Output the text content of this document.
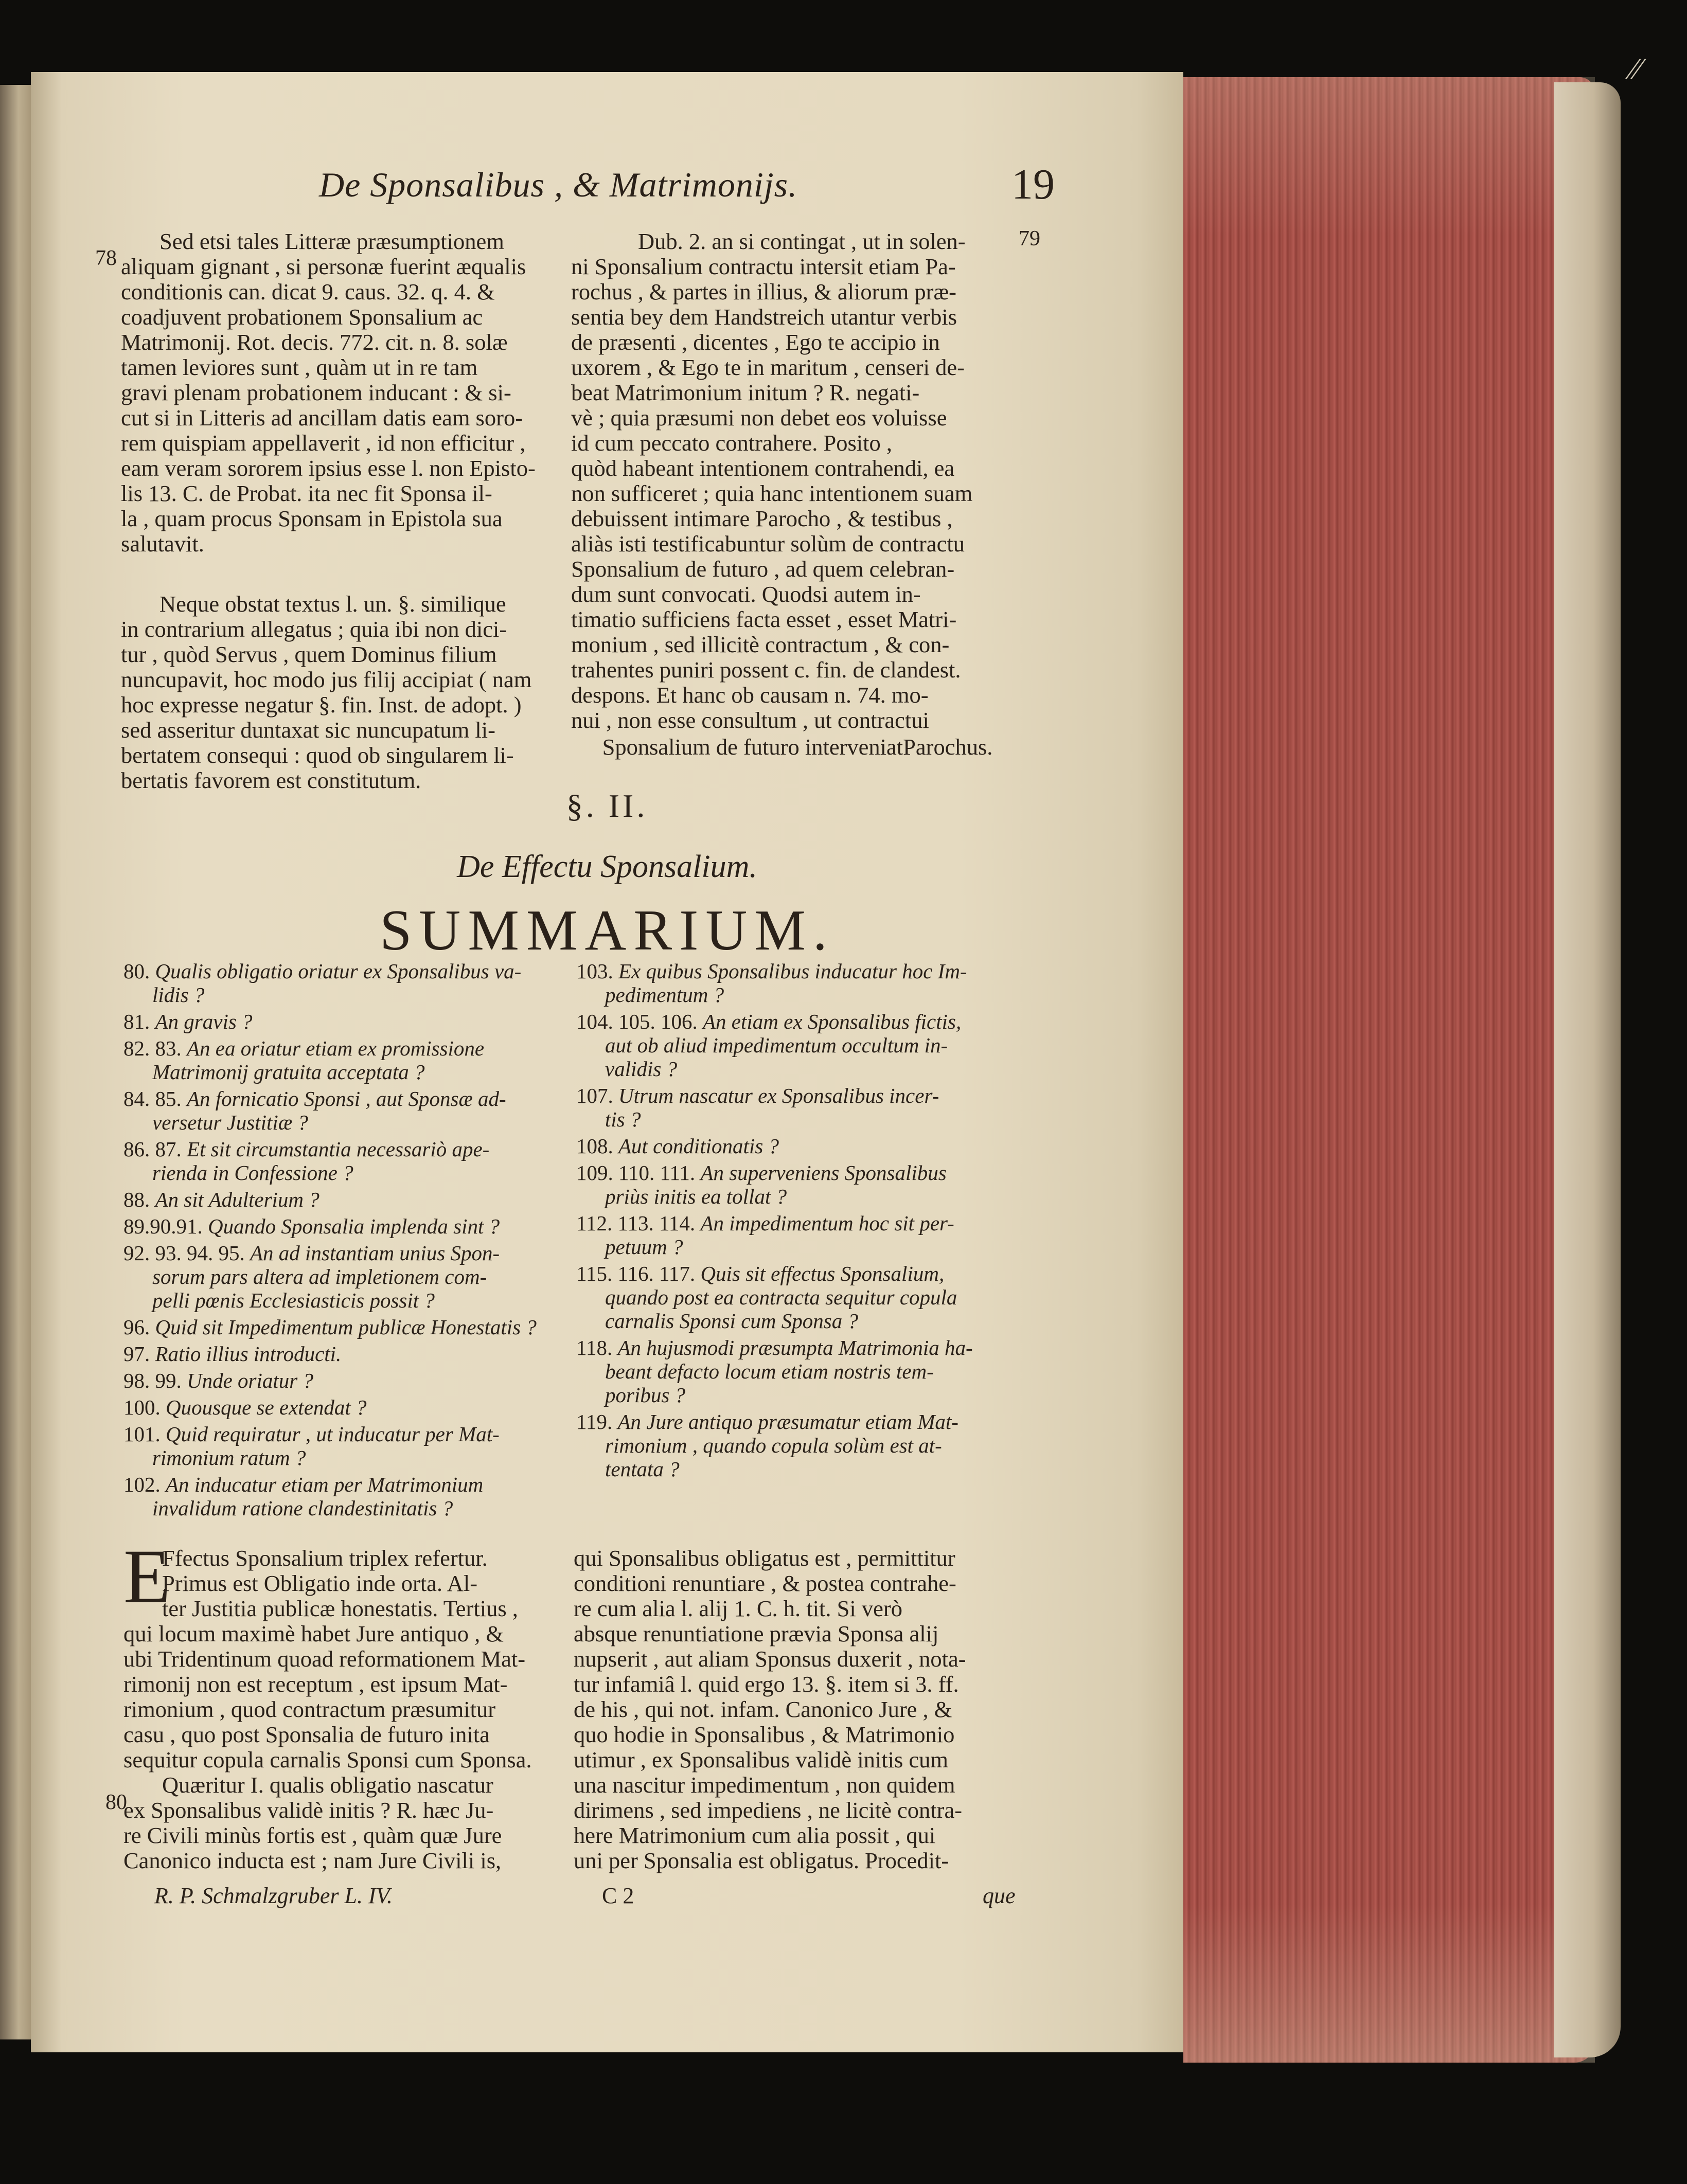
∕∕
De Sponsalibus , & Matrimonijs.	19
78
79
80
Sed etsi tales Litteræ præsumptionem
aliquam gignant , si personæ fuerint æqualis
conditionis can. dicat 9. caus. 32. q. 4. &
coadjuvent probationem Sponsalium ac
Matrimonij. Rot. decis. 772. cit. n. 8. solæ
tamen leviores sunt , quàm ut in re tam
gravi plenam probationem inducant : & si-
cut si in Litteris ad ancillam datis eam soro-
rem quispiam appellaverit , id non efficitur ,
eam veram sororem ipsius esse l. non Episto-
lis 13. C. de Probat. ita nec fit Sponsa il-
la , quam procus Sponsam in Epistola sua
salutavit.
Neque obstat textus l. un. §. similique
in contrarium allegatus ; quia ibi non dici-
tur , quòd Servus , quem Dominus filium
nuncupavit, hoc modo jus filij accipiat ( nam
hoc expresse negatur §. fin. Inst. de adopt. )
sed asseritur duntaxat sic nuncupatum li-
bertatem consequi : quod ob singularem li-
bertatis favorem est constitutum.
Dub. 2. an si contingat , ut in solen-
ni Sponsalium contractu intersit etiam Pa-
rochus , & partes in illius, & aliorum præ-
sentia bey dem Handstreich utantur verbis
de præsenti , dicentes , Ego te accipio in
uxorem , & Ego te in maritum , censeri de-
beat Matrimonium initum ? R. negati-
vè ; quia præsumi non debet eos voluisse
id cum peccato contrahere. Posito ,
quòd habeant intentionem contrahendi, ea
non sufficeret ; quia hanc intentionem suam
debuissent intimare Parocho , & testibus ,
aliàs isti testificabuntur solùm de contractu
Sponsalium de futuro , ad quem celebran-
dum sunt convocati. Quodsi autem in-
timatio sufficiens facta esset , esset Matri-
monium , sed illicitè contractum , & con-
trahentes puniri possent c. fin. de clandest.
despons. Et hanc ob causam n. 74. mo-
nui , non esse consultum , ut contractui
Sponsalium de futuro interveniatParochus.
§. II.
De Effectu Sponsalium.
SUMMARIUM.
80. Qualis obligatio oriatur ex Sponsalibus va-
lidis ?
81. An gravis ?
82. 83. An ea oriatur etiam ex promissione
Matrimonij gratuita acceptata ?
84. 85. An fornicatio Sponsi , aut Sponsæ ad-
versetur Justitiæ ?
86. 87. Et sit circumstantia necessariò ape-
rienda in Confessione ?
88. An sit Adulterium ?
89.90.91. Quando Sponsalia implenda sint ?
92. 93. 94. 95. An ad instantiam unius Spon-
sorum pars altera ad impletionem com-
pelli pœnis Ecclesiasticis possit ?
96. Quid sit Impedimentum publicæ Honestatis ?
97. Ratio illius introducti.
98. 99. Unde oriatur ?
100. Quousque se extendat ?
101. Quid requiratur , ut inducatur per Mat-
rimonium ratum ?
102. An inducatur etiam per Matrimonium
invalidum ratione clandestinitatis ?
103. Ex quibus Sponsalibus inducatur hoc Im-
pedimentum ?
104. 105. 106. An etiam ex Sponsalibus fictis,
aut ob aliud impedimentum occultum in-
validis ?
107. Utrum nascatur ex Sponsalibus incer-
tis ?
108. Aut conditionatis ?
109. 110. 111. An superveniens Sponsalibus
priùs initis ea tollat ?
112. 113. 114. An impedimentum hoc sit per-
petuum ?
115. 116. 117. Quis sit effectus Sponsalium,
quando post ea contracta sequitur copula
carnalis Sponsi cum Sponsa ?
118. An hujusmodi præsumpta Matrimonia ha-
beant defacto locum etiam nostris tem-
poribus ?
119. An Jure antiquo præsumatur etiam Mat-
rimonium , quando copula solùm est at-
tentata ?
E
Ffectus Sponsalium triplex refertur.
Primus est Obligatio inde orta. Al-
ter Justitia publicæ honestatis. Tertius ,
qui locum maximè habet Jure antiquo , &
ubi Tridentinum quoad reformationem Mat-
rimonij non est receptum , est ipsum Mat-
rimonium , quod contractum præsumitur
casu , quo post Sponsalia de futuro inita
sequitur copula carnalis Sponsi cum Sponsa.
Quæritur I. qualis obligatio nascatur
ex Sponsalibus validè initis ? R. hæc Ju-
re Civili minùs fortis est , quàm quæ Jure
Canonico inducta est ; nam Jure Civili is,
qui Sponsalibus obligatus est , permittitur
conditioni renuntiare , & postea contrahe-
re cum alia l. alij 1. C. h. tit. Si verò
absque renuntiatione prævia Sponsa alij
nupserit , aut aliam Sponsus duxerit , nota-
tur infamiâ l. quid ergo 13. §. item si 3. ff.
de his , qui not. infam. Canonico Jure , &
quo hodie in Sponsalibus , & Matrimonio
utimur , ex Sponsalibus validè initis cum
una nascitur impedimentum , non quidem
dirimens , sed impediens , ne licitè contra-
here Matrimonium cum alia possit , qui
uni per Sponsalia est obligatus. Procedit-
R. P. Schmalzgruber L. IV.	C 2	que
